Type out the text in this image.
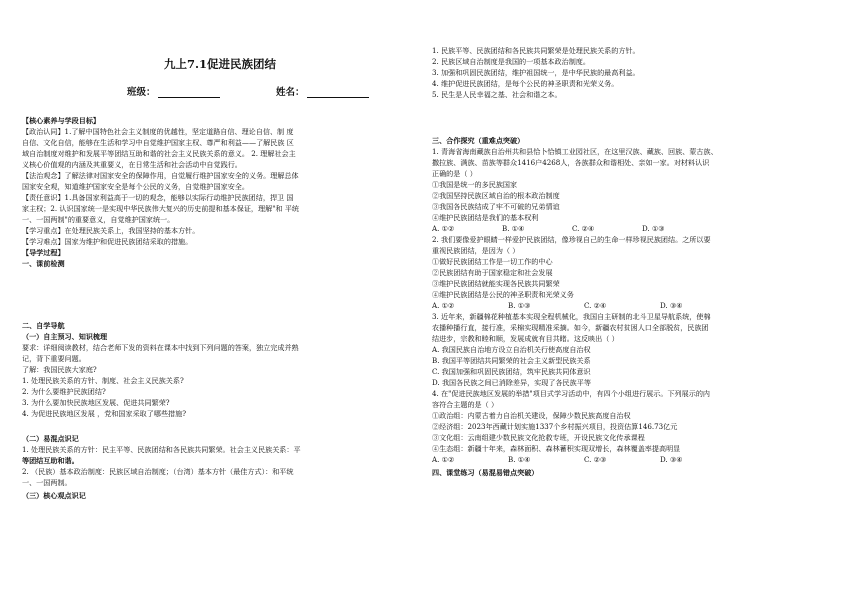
九上7.1促进民族团结
班级：	姓名：
【核心素养与学段目标】
【政治认同】1.了解中国特色社会主义制度的优越性，坚定道路自信、理论自信、制 度
自信、文化自信，能够在生活和学习中自觉维护国家主权、尊严和利益——了解民族 区
域自治制度对维护和发展平等团结互助和谐的社会主义民族关系的意义。 2. 理解社会主
义核心价值观的内涵及其重要义，在日常生活和社会活动中自觉践行。
【法治观念】了解法律对国家安全的保障作用，自觉履行维护国家安全的义务。理解总体
国家安全观，知道维护国家安全是每个公民的义务，自觉维护国家安全。
【责任意识】1.具备国家利益高于一切的观念，能够以实际行动维护民族团结，捍卫 国
家主权；2. 认识国家统一是实现中华民族伟大复兴的历史前提和基本保证，理解"和 平统
一、一国两制"的重要意义，自觉维护国家统一。
【学习重点】在处理民族关系上，我国坚持的基本方针。
【学习难点】国家为维护和促进民族团结采取的措施。
【导学过程】
一、课前检测
二、自学导航
（一）自主预习、知识梳理
要求：详细阅读教材，结合老师下发的资料在课本中找到下列问题的答案，独立完成并熟
记，背下重要问题。
了解：我国民族大家庭?
1. 处理民族关系的方针、制度、社会主义民族关系?
2. 为什么要维护民族团结?
3. 为什么要加快民族地区发展、促进共同繁荣?
4. 为促进民族地区发展 ，党和国家采取了哪些措施?
（二）易混点识记
1. 处理民族关系的方针：民主平等、民族团结和各民族共同繁荣。社会主义民族关系：平
等团结互助和谐。
2. （民族）基本政治制度：民族区域自治制度；（台湾）基本方针（最佳方式）：和平统
一、一国两制。
（三）核心观点识记
1. 民族平等、民族团结和各民族共同繁荣是处理民族关系的方针。
2. 民族区域自治制度是我国的一项基本政治制度。
3. 加强和巩固民族团结，维护祖国统一，是中华民族的最高利益。
4. 维护促进民族团结，是每个公民的神圣职责和光荣义务。
5. 民生是人民幸福之基、社会和谐之本。
三、合作探究（重难点突破）
1. 青海省海南藏族自治州共和县恰卜恰镇工业园社区，在这里汉族、藏族、回族、蒙古族、
撒拉族、满族、苗族等群众1416户4268人，各族群众和谐相处、亲如一家。对材料认识
正确的是（ ）
①我国是统一的多民族国家
②我国坚持民族区域自治的根本政治制度
③我国各民族结成了牢不可破的兄弟情谊
④维护民族团结是我们的基本权利
A. ①②	B. ①④	C. ②④	D. ①③
2. 我们要像爱护眼睛一样爱护民族团结，像珍视自己的生命一样珍视民族团结。之所以要
重视民族团结，是因为（ ）
①做好民族团结工作是一切工作的中心
②民族团结有助于国家稳定和社会发展
③维护民族团结就能实现各民族共同繁荣
④维护民族团结是公民的神圣职责和光荣义务
A. ①②	B. ①③	C. ②④	D. ③④
3. 近年来，新疆棉花种植基本实现全程机械化，我国自主研制的北斗卫星导航系统，使棉
农播种播行直，接行准，采棉实现精准采摘。如今，新疆农村贫困人口全部脱贫，民族团
结进步，宗教和睦和顺，发展成就有目共睹。这反映出（ ）
A. 我国民族自治地方设立自治机关行使高度自治权
B. 我国平等团结共同繁荣的社会主义新型民族关系
C. 我国加强和巩固民族团结，筑牢民族共同体意识
D. 我国各民族之间已消除差异，实现了各民族平等
4. 在"促进民族地区发展的举措"项目式学习活动中，有四个小组进行展示。下列展示的内
容符合主题的是（ ）
①政治组：内蒙古着力自治机关建设，保障少数民族高度自治权
②经济组：2023年西藏计划实施1337个乡村振兴项目，投资估算146.73亿元
③文化组：云南组建少数民族文化抢救专班，开设民族文化传承课程
④生态组：新疆十年来，森林面积、森林蓄积实现双增长，森林覆盖率提高明显
A. ①②	B. ①④	C. ②③	D. ③④
四、课堂练习（易混易错点突破）
